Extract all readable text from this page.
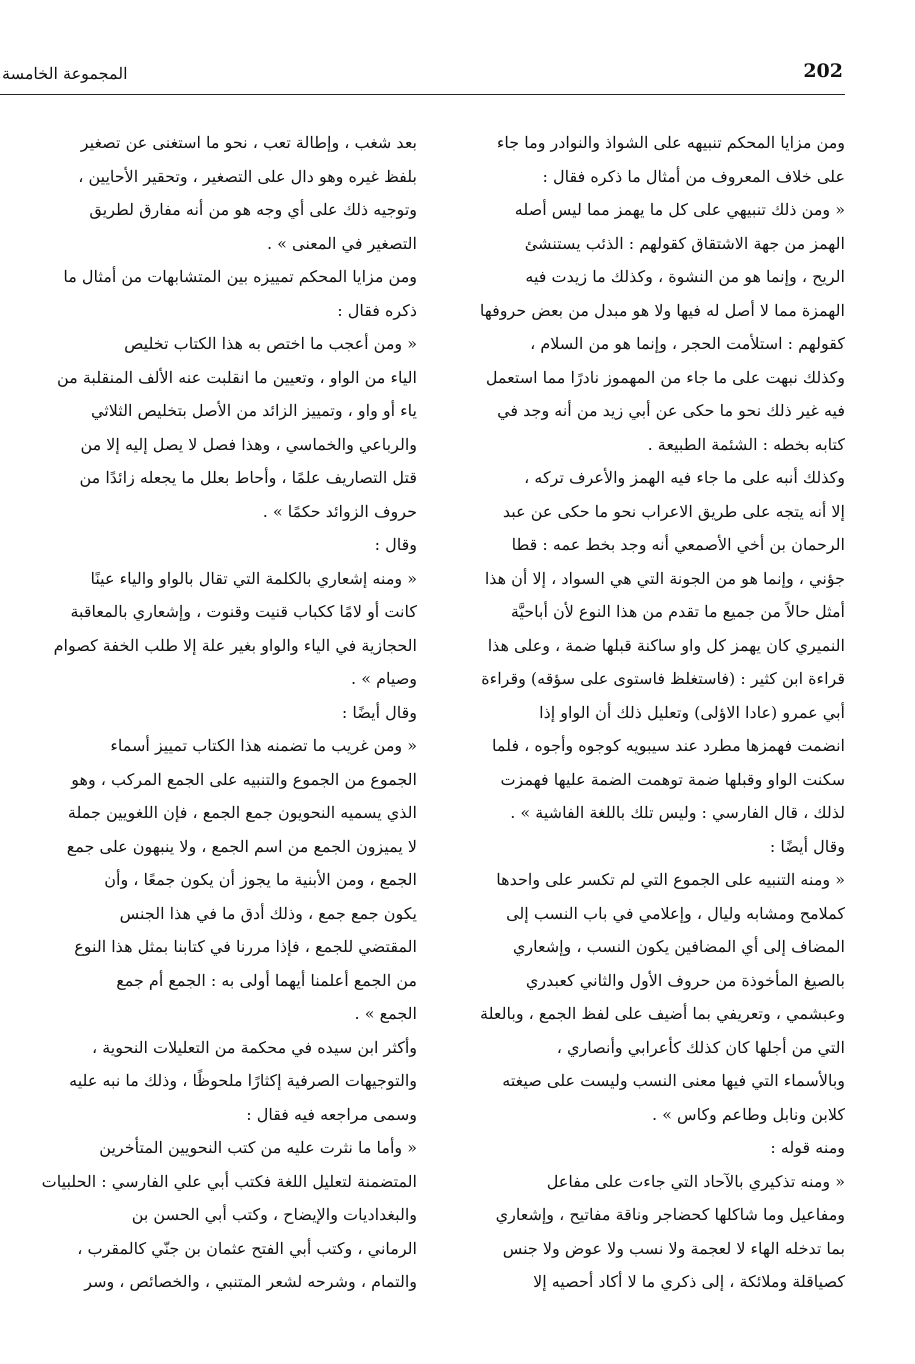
202
المجموعة الخامسة
ومن مزايا المحكم تنبيهه على الشواذ والنوادر وما جاء
على خلاف المعروف من أمثال ما ذكره فقال :
« ومن ذلك تنبيهي على كل ما يهمز مما ليس أصله
الهمز من جهة الاشتقاق كقولهم : الذئب يستنشئ
الريح ، وإنما هو من النشوة ، وكذلك ما زيدت فيه
الهمزة مما لا أصل له فيها ولا هو مبدل من بعض حروفها
كقولهم : استلأمت الحجر ، وإنما هو من السلام ،
وكذلك نبهت على ما جاء من المهموز نادرًا مما استعمل
فيه غير ذلك نحو ما حكى عن أبي زيد من أنه وجد في
كتابه بخطه : الشئمة الطبيعة .
وكذلك أنبه على ما جاء فيه الهمز والأعرف تركه ،
إلا أنه يتجه على طريق الاعراب نحو ما حكى عن عبد
الرحمان بن أخي الأصمعي أنه وجد بخط عمه : قطا
جؤني ، وإنما هو من الجونة التي هي السواد ، إلا أن هذا
أمثل حالاً من جميع ما تقدم من هذا النوع لأن أباحيَّة
النميري كان يهمز كل واو ساكنة قبلها ضمة ، وعلى هذا
قراءة ابن كثير : (فاستغلظ فاستوى على سؤقه) وقراءة
أبي عمرو (عادا الاؤلى) وتعليل ذلك أن الواو إذا
انضمت فهمزها مطرد عند سيبويه كوجوه وأجوه ، فلما
سكنت الواو وقبلها ضمة توهمت الضمة عليها فهمزت
لذلك ، قال الفارسي : وليس تلك باللغة الفاشية » .
وقال أيضًا :
« ومنه التنبيه على الجموع التي لم تكسر على واحدها
كملامح ومشابه وليال ، وإعلامي في باب النسب إلى
المضاف إلى أي المضافين يكون النسب ، وإشعاري
بالصيغ المأخوذة من حروف الأول والثاني كعبدري
وعبشمي ، وتعريفي بما أضيف على لفظ الجمع ، وبالعلة
التي من أجلها كان كذلك كأعرابي وأنصاري ،
وبالأسماء التي فيها معنى النسب وليست على صيغته
كلابن ونابل وطاعم وكاس » .
ومنه قوله :
« ومنه تذكيري بالآحاد التي جاءت على مفاعل
ومفاعيل وما شاكلها كحضاجر وناقة مفاتيح ، وإشعاري
بما تدخله الهاء لا لعجمة ولا نسب ولا عوض ولا جنس
كصياقلة وملائكة ، إلى ذكري ما لا أكاد أحصيه إلا
بعد شغب ، وإطالة تعب ، نحو ما استغنى عن تصغير
بلفظ غيره وهو دال على التصغير ، وتحقير الأحايين ،
وتوجيه ذلك على أي وجه هو من أنه مفارق لطريق
التصغير في المعنى » .
ومن مزايا المحكم تمييزه بين المتشابهات من أمثال ما
ذكره فقال :
« ومن أعجب ما اختص به هذا الكتاب تخليص
الياء من الواو ، وتعيين ما انقلبت عنه الألف المنقلبة من
ياء أو واو ، وتمييز الزائد من الأصل بتخليص الثلاثي
والرباعي والخماسي ، وهذا فصل لا يصل إليه إلا من
قتل التصاريف علمًا ، وأحاط بعلل ما يجعله زائدًا من
حروف الزوائد حكمًا » .
وقال :
« ومنه إشعاري بالكلمة التي تقال بالواو والياء عينًا
كانت أو لامًا ككباب قنيت وقنوت ، وإشعاري بالمعاقبة
الحجازية في الياء والواو بغير علة إلا طلب الخفة كصوام
وصيام » .
وقال أيضًا :
« ومن غريب ما تضمنه هذا الكتاب تمييز أسماء
الجموع من الجموع والتنبيه على الجمع المركب ، وهو
الذي يسميه النحويون جمع الجمع ، فإن اللغويين جملة
لا يميزون الجمع من اسم الجمع ، ولا ينبهون على جمع
الجمع ، ومن الأبنية ما يجوز أن يكون جمعًا ، وأن
يكون جمع جمع ، وذلك أدق ما في هذا الجنس
المقتضي للجمع ، فإذا مررنا في كتابنا بمثل هذا النوع
من الجمع أعلمنا أيهما أولى به : الجمع أم جمع
الجمع » .
وأكثر ابن سيده في محكمة من التعليلات النحوية ،
والتوجيهات الصرفية إكثارًا ملحوظًا ، وذلك ما نبه عليه
وسمى مراجعه فيه فقال :
« وأما ما نثرت عليه من كتب النحويين المتأخرين
المتضمنة لتعليل اللغة فكتب أبي علي الفارسي : الحلبيات
والبغداديات والإيضاح ، وكتب أبي الحسن بن
الرماني ، وكتب أبي الفتح عثمان بن جنّي كالمقرب ،
والتمام ، وشرحه لشعر المتنبي ، والخصائص ، وسر
